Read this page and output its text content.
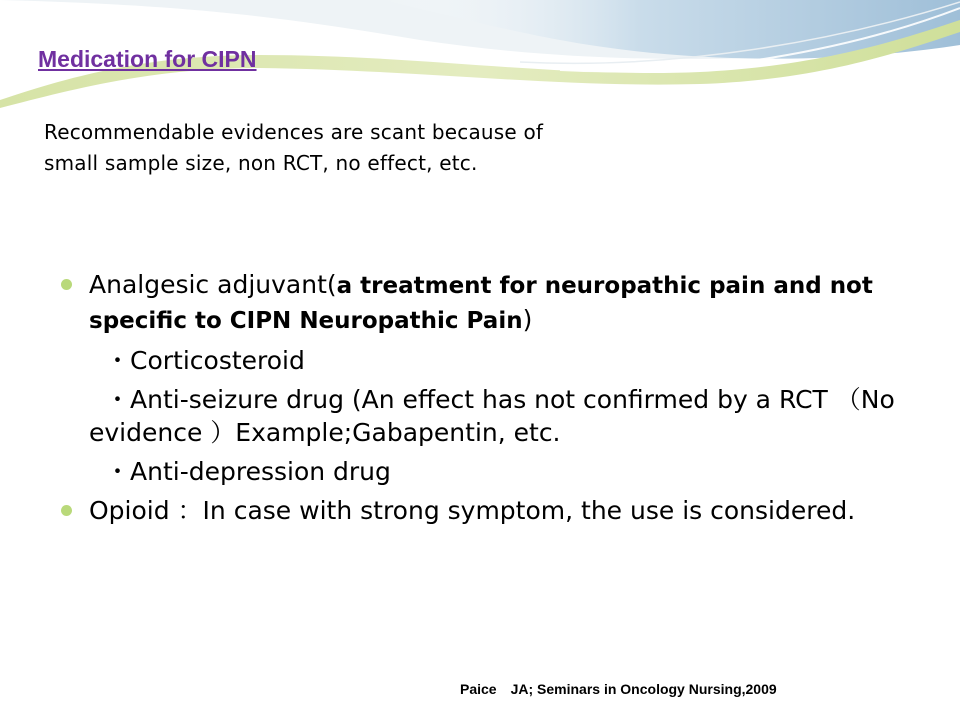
Medication for CIPN

Recommendable evidences are scant because of
small sample size, non RCT, no effect, etc.

Analgesic adjuvant(a treatment for neuropathic pain and not specific to CIPN Neuropathic Pain)
・Corticosteroid
・Anti-seizure drug (An effect has not confirmed by a RCT （No evidence ）Example;Gabapentin, etc.
・Anti-depression drug
Opioid ：In case with strong symptom, the use is considered.

Paice　JA; Seminars in Oncology Nursing,2009
